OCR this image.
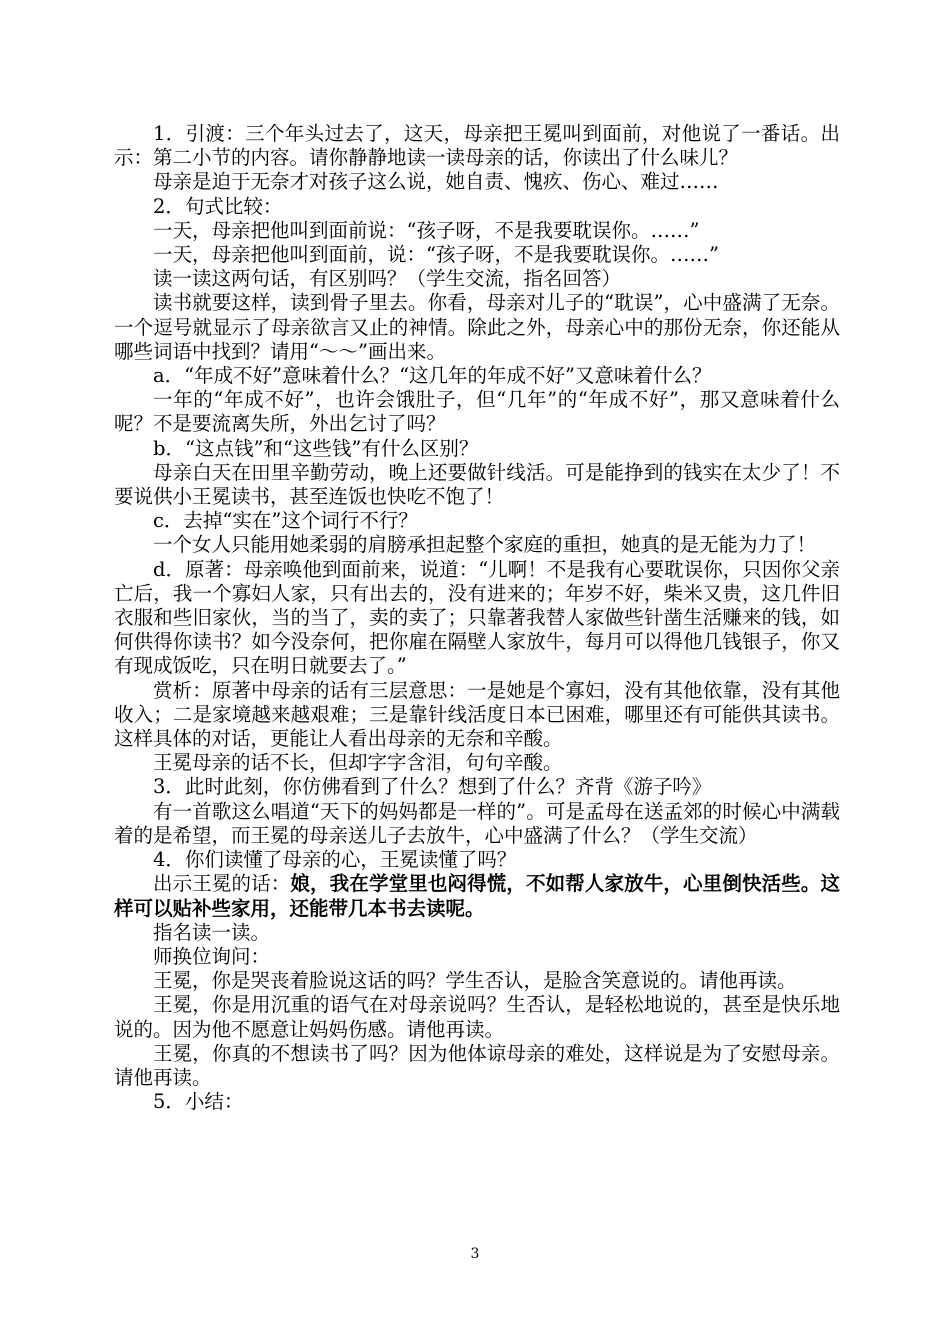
1．引渡：三个年头过去了，这天，母亲把王冕叫到面前，对他说了一番话。出示：第二小节的内容。请你静静地读一读母亲的话，你读出了什么味儿？

母亲是迫于无奈才对孩子这么说，她自责、愧疚、伤心、难过……

2．句式比较：

一天，母亲把他叫到面前说：“孩子呀，不是我要耽误你。……”

一天，母亲把他叫到面前，说：“孩子呀，不是我要耽误你。……”

读一读这两句话，有区别吗？（学生交流，指名回答）

读书就要这样，读到骨子里去。你看，母亲对儿子的“耽误”，心中盛满了无奈。一个逗号就显示了母亲欲言又止的神情。除此之外，母亲心中的那份无奈，你还能从哪些词语中找到？请用“～～”画出来。

a．“年成不好”意味着什么？“这几年的年成不好”又意味着什么？

一年的“年成不好”，也许会饿肚子，但“几年”的“年成不好”，那又意味着什么呢？不是要流离失所，外出乞讨了吗？

b．“这点钱”和“这些钱”有什么区别？

母亲白天在田里辛勤劳动，晚上还要做针线活。可是能挣到的钱实在太少了！不要说供小王冕读书，甚至连饭也快吃不饱了！

c．去掉“实在”这个词行不行？

一个女人只能用她柔弱的肩膀承担起整个家庭的重担，她真的是无能为力了！

d．原著：母亲唤他到面前来，说道：“儿啊！不是我有心要耽误你，只因你父亲亡后，我一个寡妇人家，只有出去的，没有进来的；年岁不好，柴米又贵，这几件旧衣服和些旧家伙，当的当了，卖的卖了；只靠著我替人家做些针凿生活赚来的钱，如何供得你读书？如今没奈何，把你雇在隔壁人家放牛，每月可以得他几钱银子，你又有现成饭吃，只在明日就要去了。”

赏析：原著中母亲的话有三层意思：一是她是个寡妇，没有其他依靠，没有其他收入；二是家境越来越艰难；三是靠针线活度日本已困难，哪里还有可能供其读书。这样具体的对话，更能让人看出母亲的无奈和辛酸。

王冕母亲的话不长，但却字字含泪，句句辛酸。

3．此时此刻，你仿佛看到了什么？想到了什么？齐背《游子吟》

有一首歌这么唱道“天下的妈妈都是一样的”。可是孟母在送孟郊的时候心中满载着的是希望，而王冕的母亲送儿子去放牛，心中盛满了什么？（学生交流）

4．你们读懂了母亲的心，王冕读懂了吗？

出示王冕的话：娘，我在学堂里也闷得慌，不如帮人家放牛，心里倒快活些。这样可以贴补些家用，还能带几本书去读呢。

指名读一读。

师换位询问：

王冕，你是哭丧着脸说这话的吗？学生否认，是脸含笑意说的。请他再读。

王冕，你是用沉重的语气在对母亲说吗？生否认，是轻松地说的，甚至是快乐地说的。因为他不愿意让妈妈伤感。请他再读。

王冕，你真的不想读书了吗？因为他体谅母亲的难处，这样说是为了安慰母亲。请他再读。

5．小结：

3
